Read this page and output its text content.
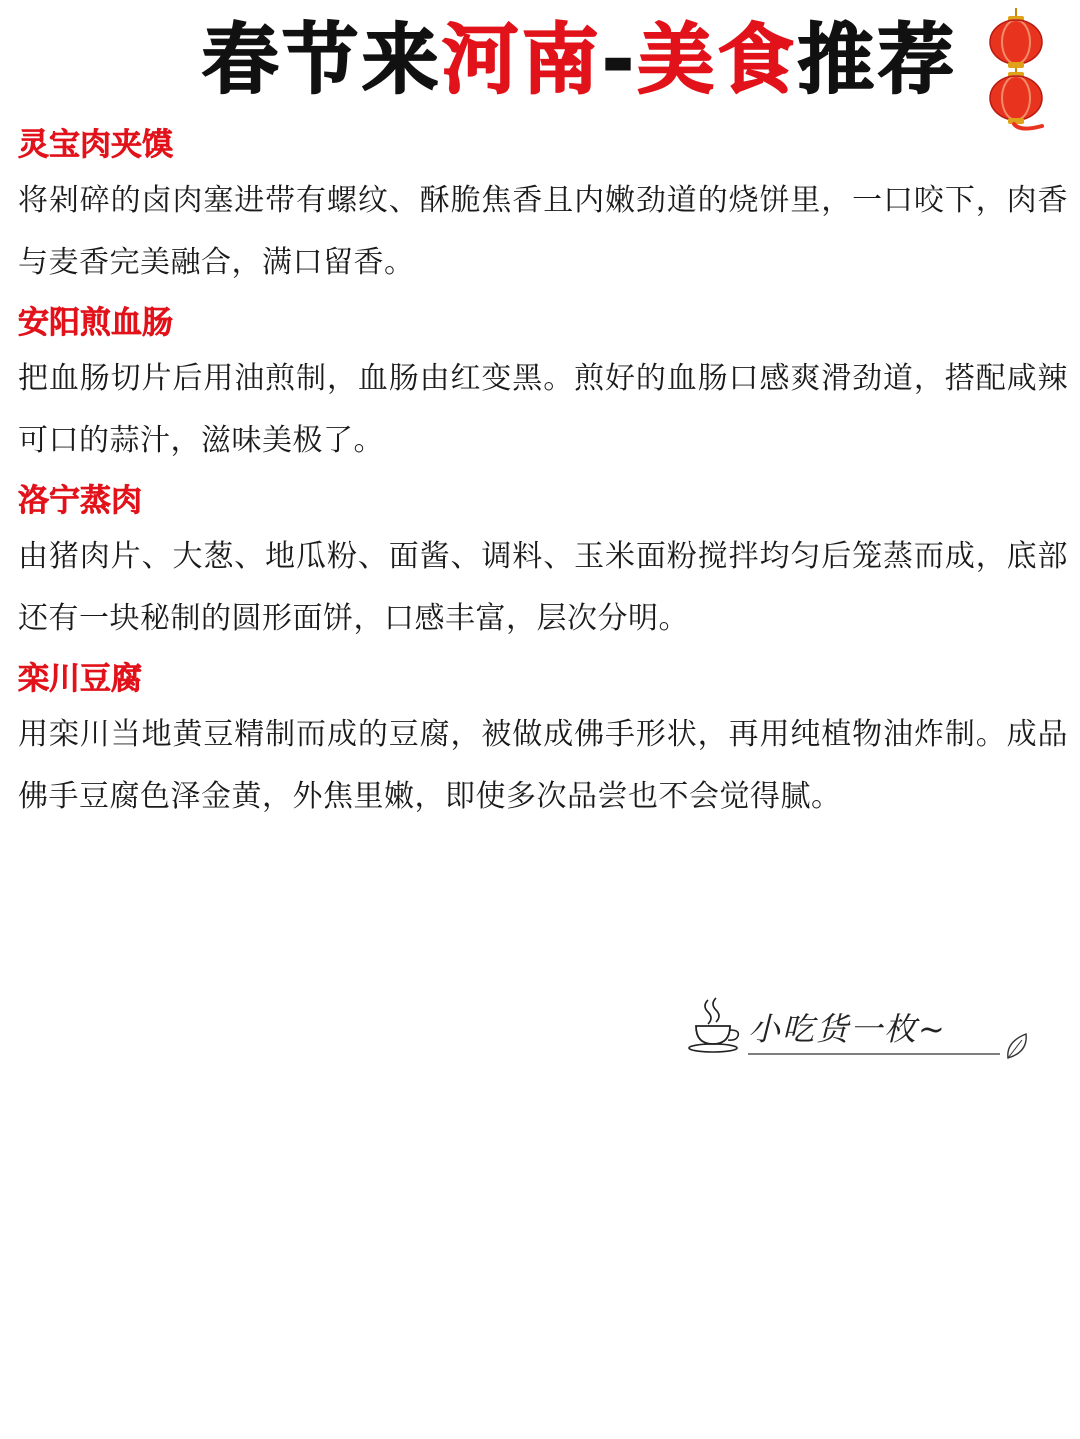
春节来河南-美食推荐
灵宝肉夹馍

将剁碎的卤肉塞进带有螺纹、酥脆焦香且内嫩劲道的烧饼里，一口咬下，肉香与麦香完美融合，满口留香。

安阳煎血肠

把血肠切片后用油煎制，血肠由红变黑。煎好的血肠口感爽滑劲道，搭配咸辣可口的蒜汁，滋味美极了。

洛宁蒸肉

由猪肉片、大葱、地瓜粉、面酱、调料、玉米面粉搅拌均匀后笼蒸而成，底部还有一块秘制的圆形面饼，口感丰富，层次分明。

栾川豆腐

用栾川当地黄豆精制而成的豆腐，被做成佛手形状，再用纯植物油炸制。成品佛手豆腐色泽金黄，外焦里嫩，即使多次品尝也不会觉得腻。

小吃货一枚~
